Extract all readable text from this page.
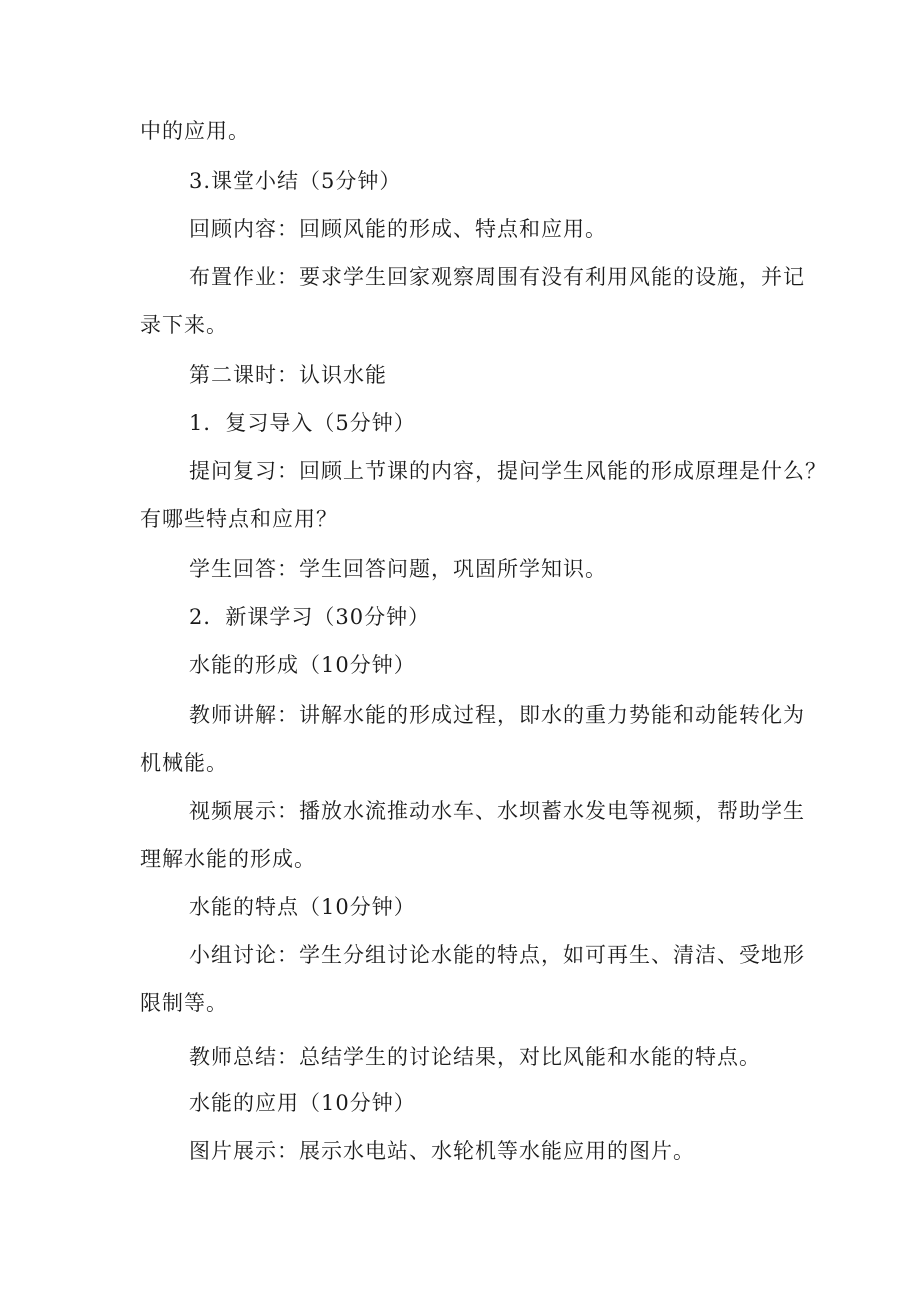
中的应用。
3.课堂小结（5分钟）
回顾内容：回顾风能的形成、特点和应用。
布置作业：要求学生回家观察周围有没有利用风能的设施，并记
录下来。
第二课时：认识水能
1．复习导入（5分钟）
提问复习：回顾上节课的内容，提问学生风能的形成原理是什么？
有哪些特点和应用？
学生回答：学生回答问题，巩固所学知识。
2．新课学习（30分钟）
水能的形成（10分钟）
教师讲解：讲解水能的形成过程，即水的重力势能和动能转化为
机械能。
视频展示：播放水流推动水车、水坝蓄水发电等视频，帮助学生
理解水能的形成。
水能的特点（10分钟）
小组讨论：学生分组讨论水能的特点，如可再生、清洁、受地形
限制等。
教师总结：总结学生的讨论结果，对比风能和水能的特点。
水能的应用（10分钟）
图片展示：展示水电站、水轮机等水能应用的图片。
